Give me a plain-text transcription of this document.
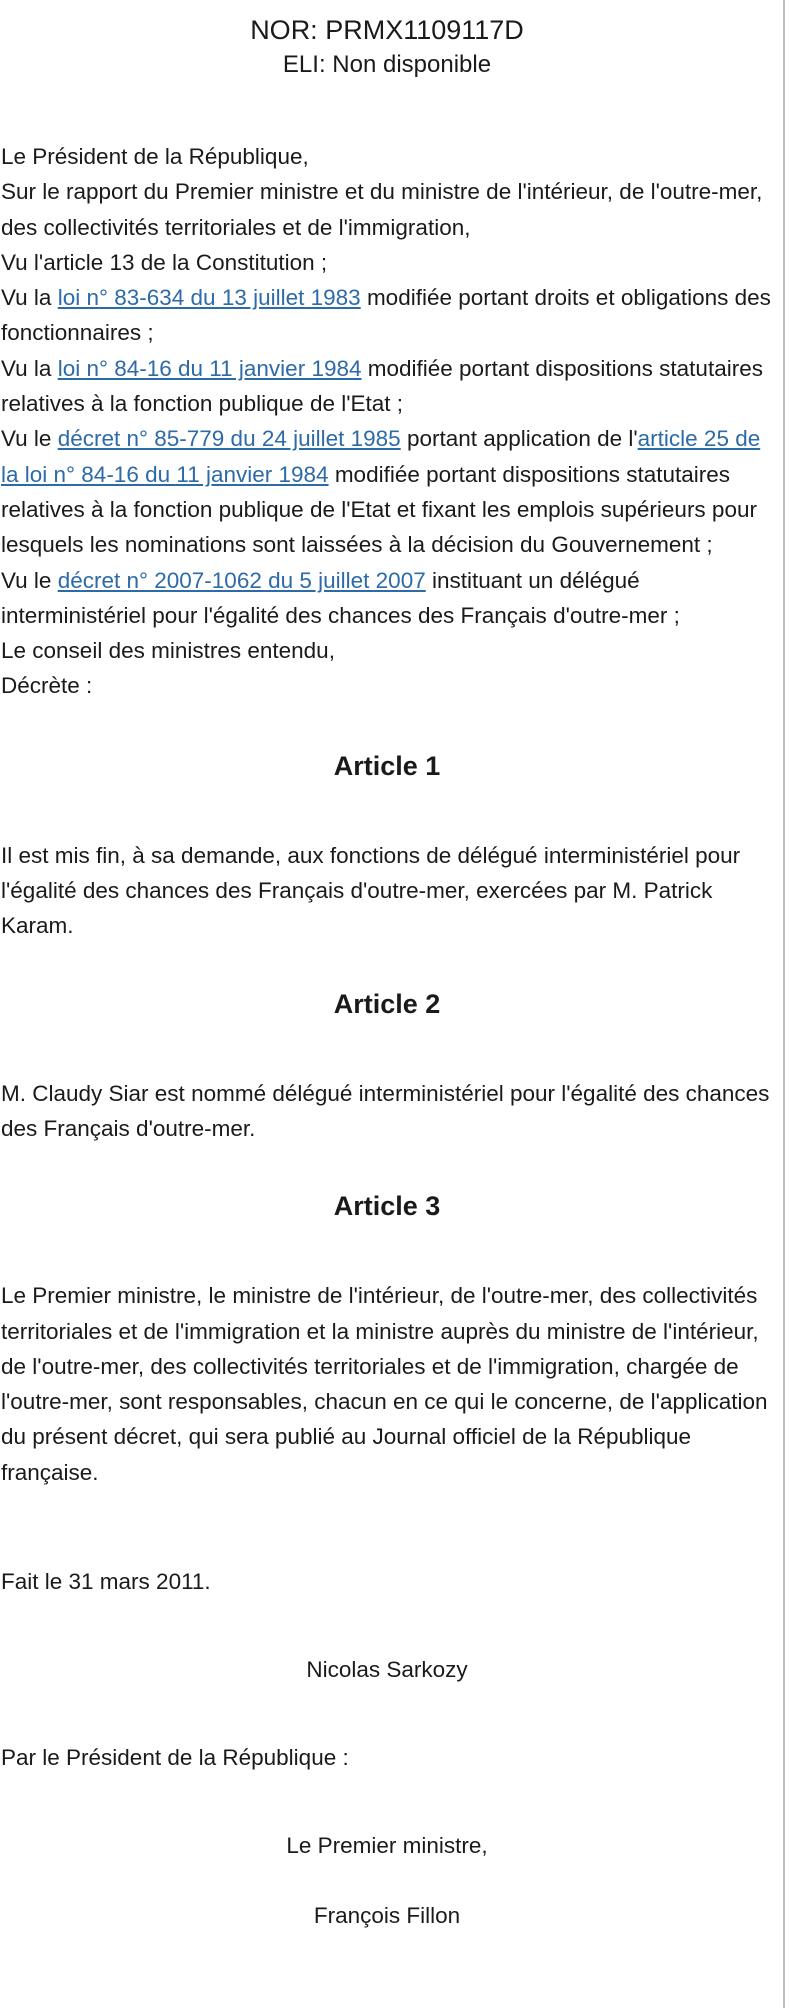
NOR: PRMX1109117D
ELI: Non disponible

Le Président de la République,

Sur le rapport du Premier ministre et du ministre de l'intérieur, de l'outre-mer, des collectivités territoriales et de l'immigration,

Vu l'article 13 de la Constitution ;

Vu la loi n° 83-634 du 13 juillet 1983 modifiée portant droits et obligations des fonctionnaires ;

Vu la loi n° 84-16 du 11 janvier 1984 modifiée portant dispositions statutaires relatives à la fonction publique de l'Etat ;

Vu le décret n° 85-779 du 24 juillet 1985 portant application de l'article 25 de la loi n° 84-16 du 11 janvier 1984 modifiée portant dispositions statutaires relatives à la fonction publique de l'Etat et fixant les emplois supérieurs pour lesquels les nominations sont laissées à la décision du Gouvernement ;

Vu le décret n° 2007-1062 du 5 juillet 2007 instituant un délégué interministériel pour l'égalité des chances des Français d'outre-mer ;

Le conseil des ministres entendu,

Décrète :

Article 1

Il est mis fin, à sa demande, aux fonctions de délégué interministériel pour l'égalité des chances des Français d'outre-mer, exercées par M. Patrick Karam.

Article 2

M. Claudy Siar est nommé délégué interministériel pour l'égalité des chances des Français d'outre-mer.

Article 3

Le Premier ministre, le ministre de l'intérieur, de l'outre-mer, des collectivités territoriales et de l'immigration et la ministre auprès du ministre de l'intérieur, de l'outre-mer, des collectivités territoriales et de l'immigration, chargée de l'outre-mer, sont responsables, chacun en ce qui le concerne, de l'application du présent décret, qui sera publié au Journal officiel de la République française.

Fait le 31 mars 2011.

Nicolas Sarkozy

Par le Président de la République :

Le Premier ministre,

François Fillon
